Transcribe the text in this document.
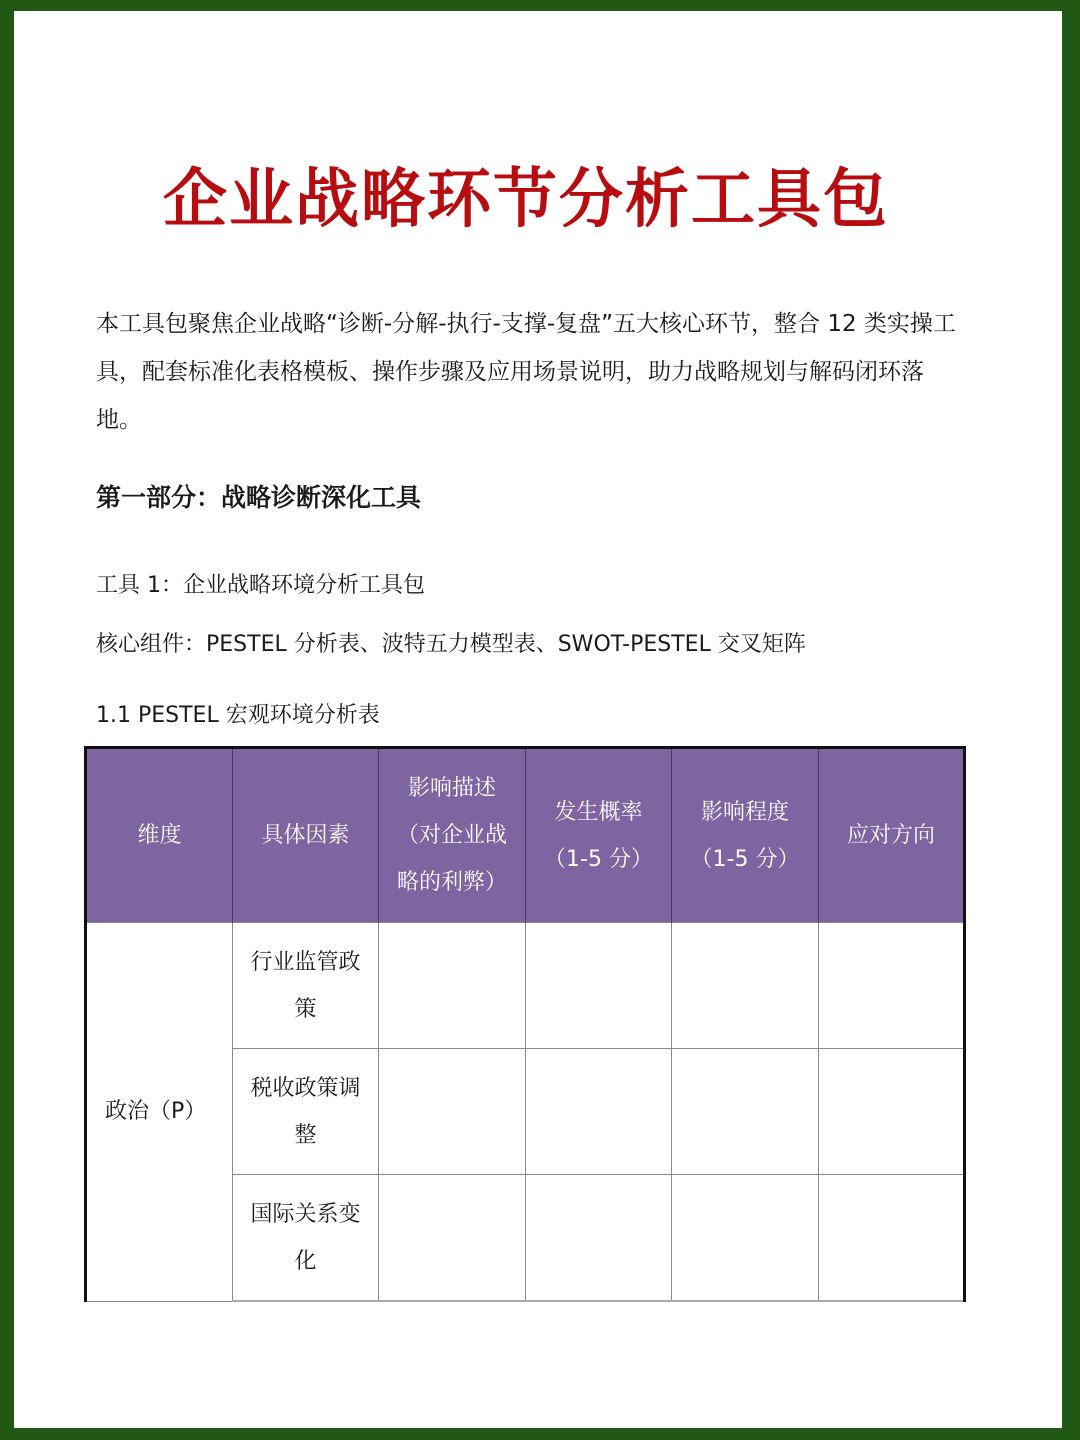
企业战略环节分析工具包
本工具包聚焦企业战略“诊断-分解-执行-支撑-复盘”五大核心环节，整合 12 类实操工具，配套标准化表格模板、操作步骤及应用场景说明，助力战略规划与解码闭环落地。
第一部分：战略诊断深化工具
工具 1：企业战略环境分析工具包
核心组件：PESTEL 分析表、波特五力模型表、SWOT-PESTEL 交叉矩阵
1.1 PESTEL 宏观环境分析表
维度	具体因素	影响描述（对企业战略的利弊）	发生概率（1-5 分）	影响程度（1-5 分）	应对方向
政治（P）	行业监管政策				
	税收政策调整				
	国际关系变化				
